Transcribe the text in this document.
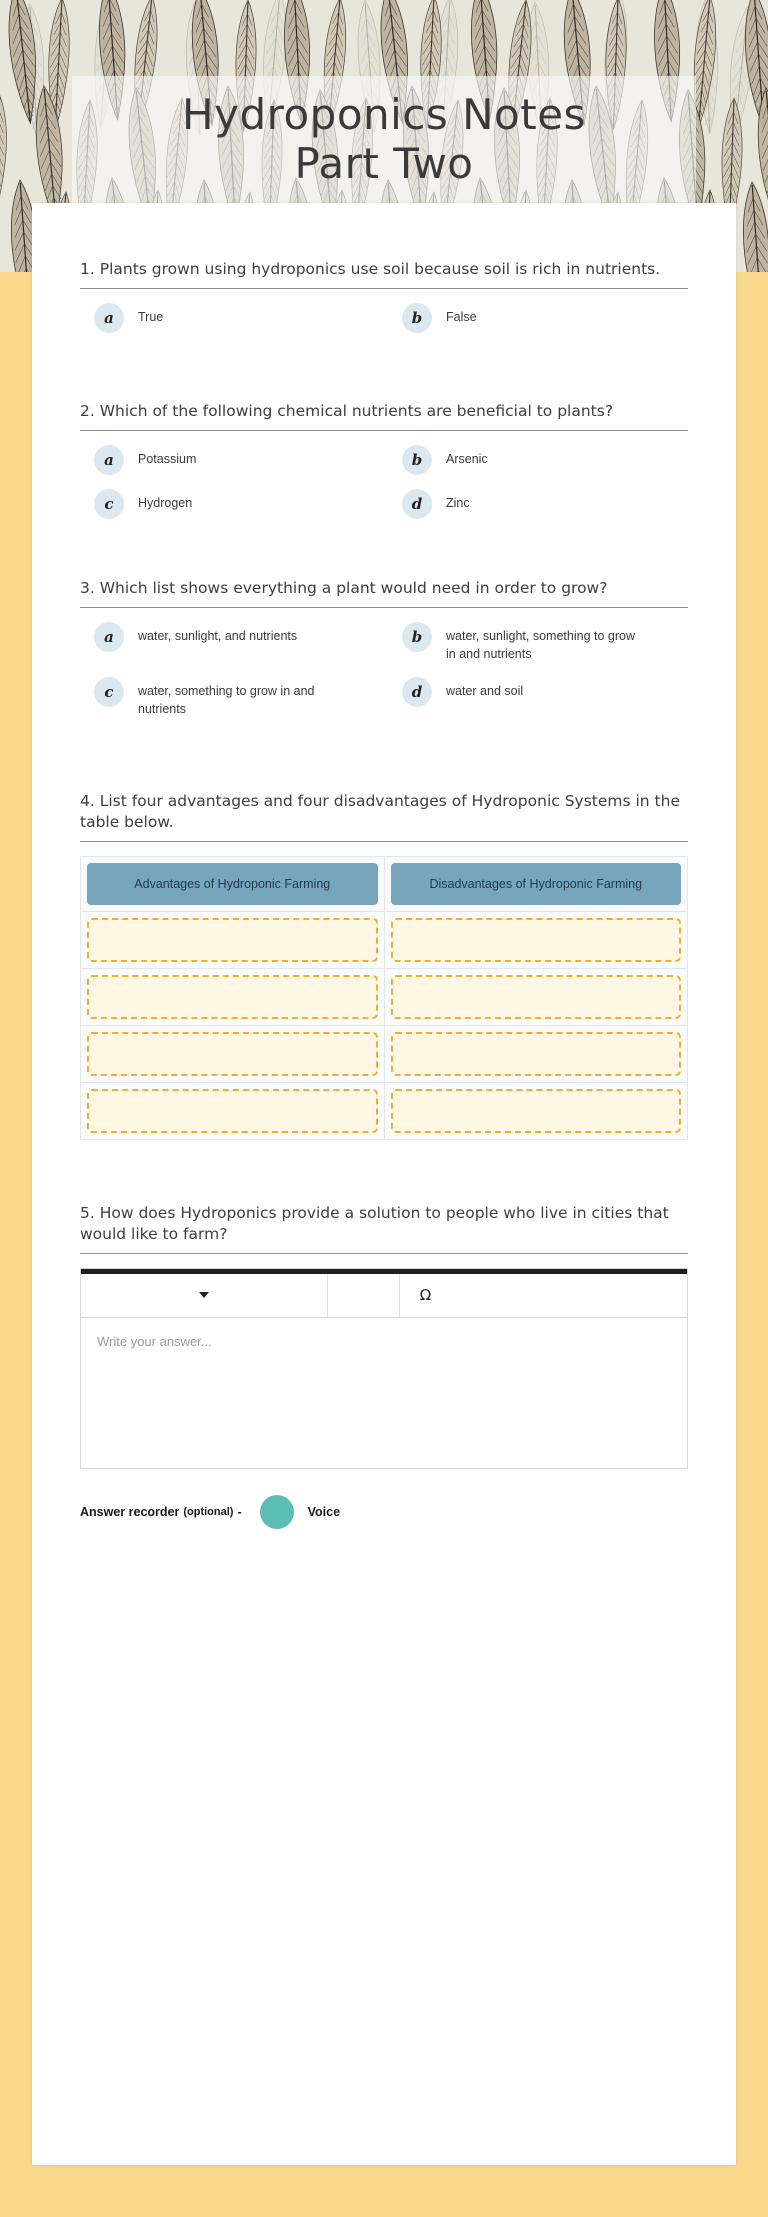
Hydroponics Notes
Part Two

1. Plants grown using hydroponics use soil because soil is rich in nutrients.

a	True	b	False

2. Which of the following chemical nutrients are beneficial to plants?

a	Potassium	b	Arsenic
c	Hydrogen	d	Zinc

3. Which list shows everything a plant would need in order to grow?

a	water, sunlight, and nutrients	b	water, sunlight, something to grow in and nutrients
c	water, something to grow in and nutrients
d	water and soil

4. List four advantages and four disadvantages of Hydroponic Systems in the table below.

Advantages of Hydroponic Farming	Disadvantages of Hydroponic Farming

5. How does Hydroponics provide a solution to people who live in cities that would like to farm?

Ω
Write your answer...
Answer recorder (optional) -	Voice
